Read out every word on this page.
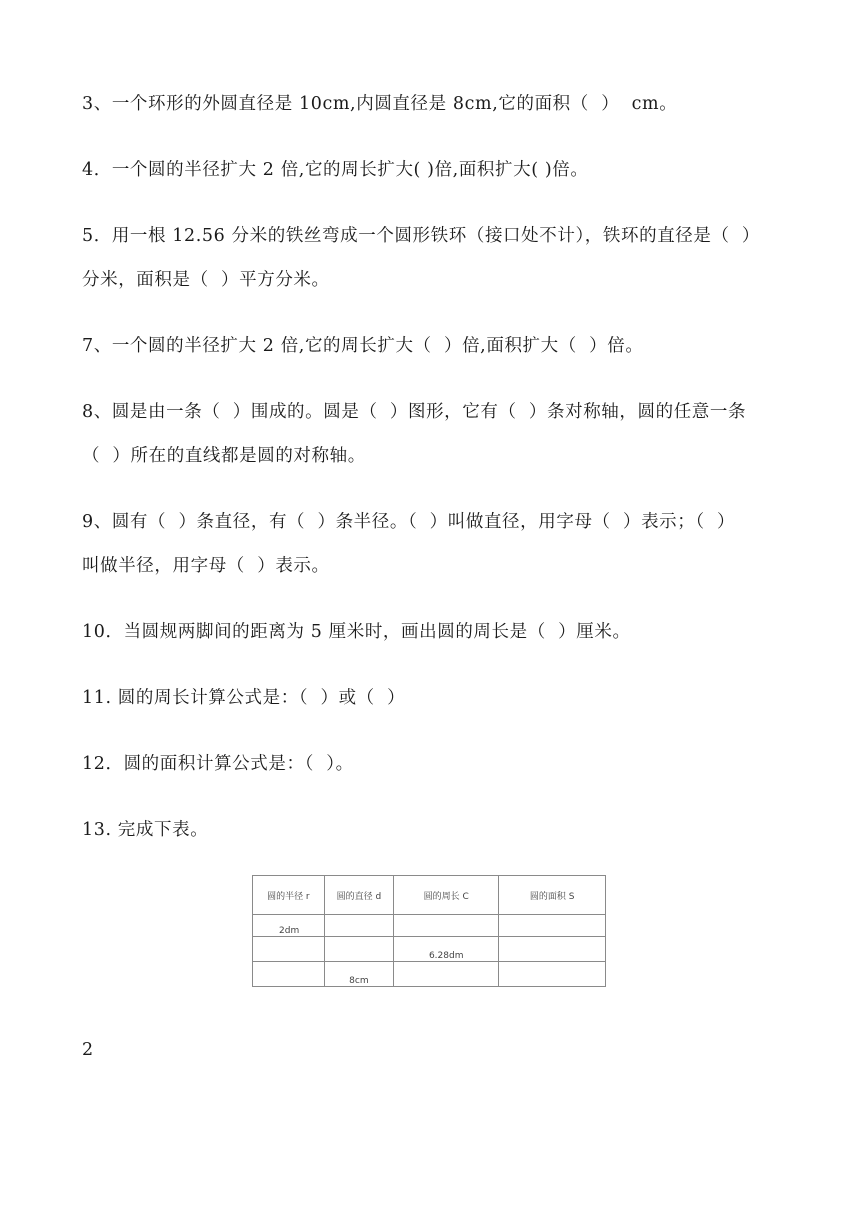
3、一个环形的外圆直径是 10cm,内圆直径是 8cm,它的面积（  ）  cm。
4．一个圆的半径扩大 2 倍,它的周长扩大( )倍,面积扩大( )倍。
5．用一根 12.56 分米的铁丝弯成一个圆形铁环（接口处不计），铁环的直径是（  ）
分米，面积是（  ）平方分米。
7、一个圆的半径扩大 2 倍,它的周长扩大（  ）倍,面积扩大（  ）倍。
8、圆是由一条（  ）围成的。圆是（  ）图形，它有（  ）条对称轴，圆的任意一条
（  ）所在的直线都是圆的对称轴。
9、圆有（  ）条直径，有（  ）条半径。（  ）叫做直径，用字母（  ）表示；（  ）
叫做半径，用字母（  ）表示。
10．当圆规两脚间的距离为 5 厘米时，画出圆的周长是（  ）厘米。
11. 圆的周长计算公式是：（  ）或（  ）
12．圆的面积计算公式是：（  ）。
13. 完成下表。
圆的半径 r	圆的直径 d	圆的周长 C	圆的面积 S
2dm			
		6.28dm	
	8cm		
2
